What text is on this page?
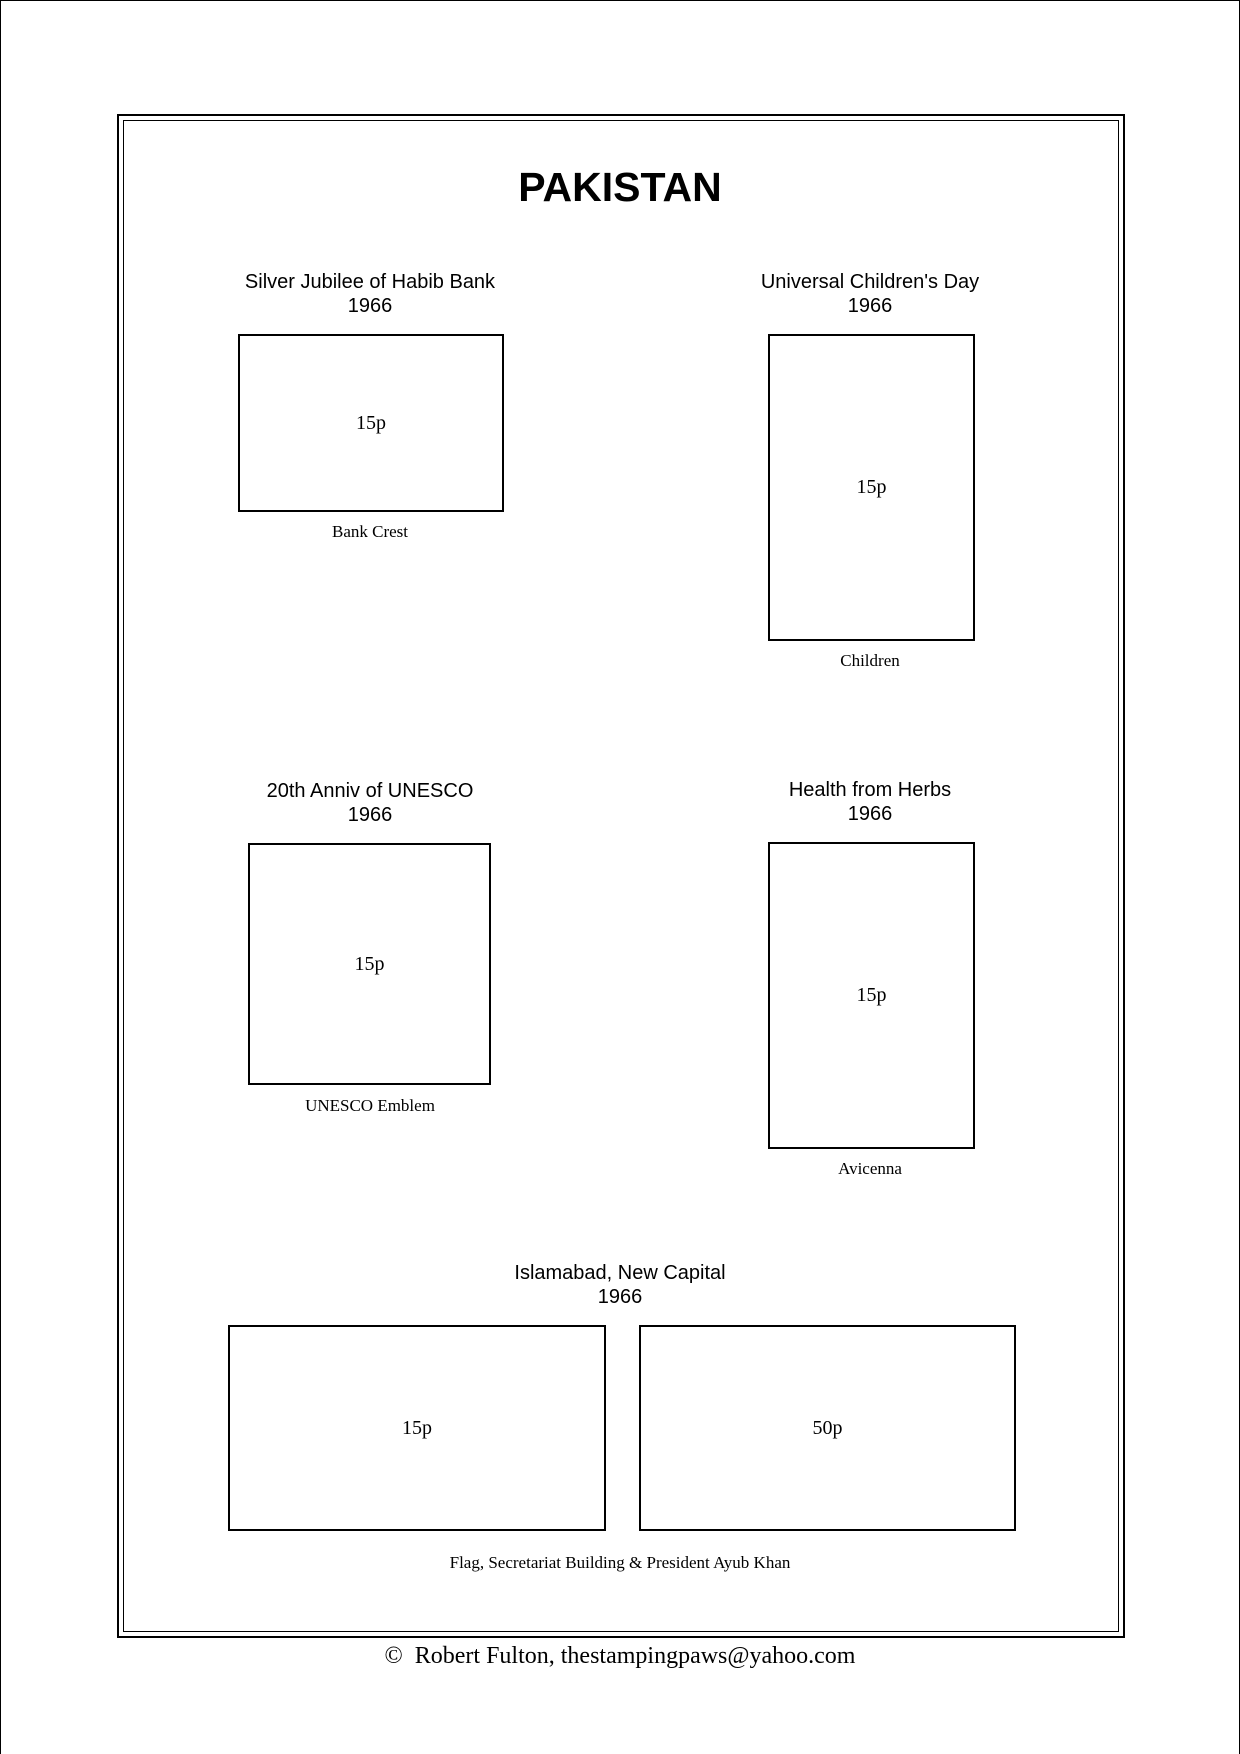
PAKISTAN
Silver Jubilee of Habib Bank
1966
15p
Bank Crest
Universal Children's Day
1966
15p
Children
20th Anniv of UNESCO
1966
15p
UNESCO Emblem
Health from Herbs
1966
15p
Avicenna
Islamabad, New Capital
1966
15p	50p
Flag, Secretariat Building & President Ayub Khan
©  Robert Fulton, thestampingpaws@yahoo.com
